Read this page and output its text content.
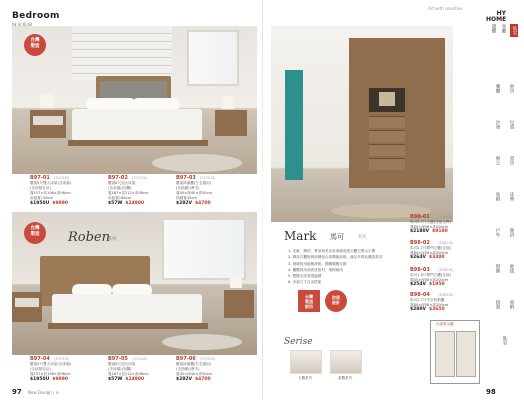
Bedroom
Art with sensitive
HY
HOME
台灣
製造
B97-01 (7070-B)
羅賓5尺雙人床架(含床頭)
(含床墊另計)
寬157×長196×高98cm
床板寬158cm
$1950U $9890
B97-02 (7071-B)
羅賓6尺加大床架
(含床頭)(加購)
寬187×長212×高98cm
床板寬188cm
$57W $24900
B97-03 (7072-D)
羅賓床頭櫃(左右通用)
(含抽屜)(實木)
寬45×深40×高50cm
抽屜寬35cm
$282V $4700
台灣
製造	Roben
系列
B97-04 (7073-B)
羅賓5尺雙人床架(含床頭)
(含床墊另計)
寬157×長196×高98cm
$1950U $9890
B97-05 (7074-B)
羅賓6尺加大床架
(含床頭)(加購)
寬187×長212×高98cm
$57W $24900
B97-06 (7075-D)
羅賓床頭櫃(左右通用)
(含抽屜)(實木)
寬45×深40×高50cm
$282V $4700
97 New Design / is
Mark 馬可	系列
1. 北歐、簡約、實用與美並收系統收納衣櫃空間大小間
2. 開放式櫃格與抽屜組合高機能收納，滿足多樣化擺放需求
3. 抽屜採用緩衝滑軌，開關順暢安靜
4. 櫃體採用高密度板材，環保耐用
5. 整體木紋質感溫潤
6. 多款尺寸自由搭配
台灣
製造
耐用
防刮
設計
Serise
衣櫃系列	書櫃系列
B98-01 (7080-B)
馬可2.7尺衣櫃(含掛衣桿)
寬80×深58×高200cm
$2180V $9190
B98-02 (7081-B)
馬可2.7尺開門衣櫃(含抽)
寬80×深58×高200cm
$264V $3400
B98-03 (7082-B)
馬可1.5尺單門衣櫃(含抽)
寬45×深58×高200cm
$254V $1950
B98-04 (7083-B)
馬可2.7尺中空收納櫃
寬80×深58×高200cm
$289V $3650
內部展示圖
98
邊櫃 客廳	臥室
餐廳 廚房
沙發 兒童
辦公 書房
收納 床墊
戶外 衛浴
燈飾 地毯
掛畫 收納
臥室
